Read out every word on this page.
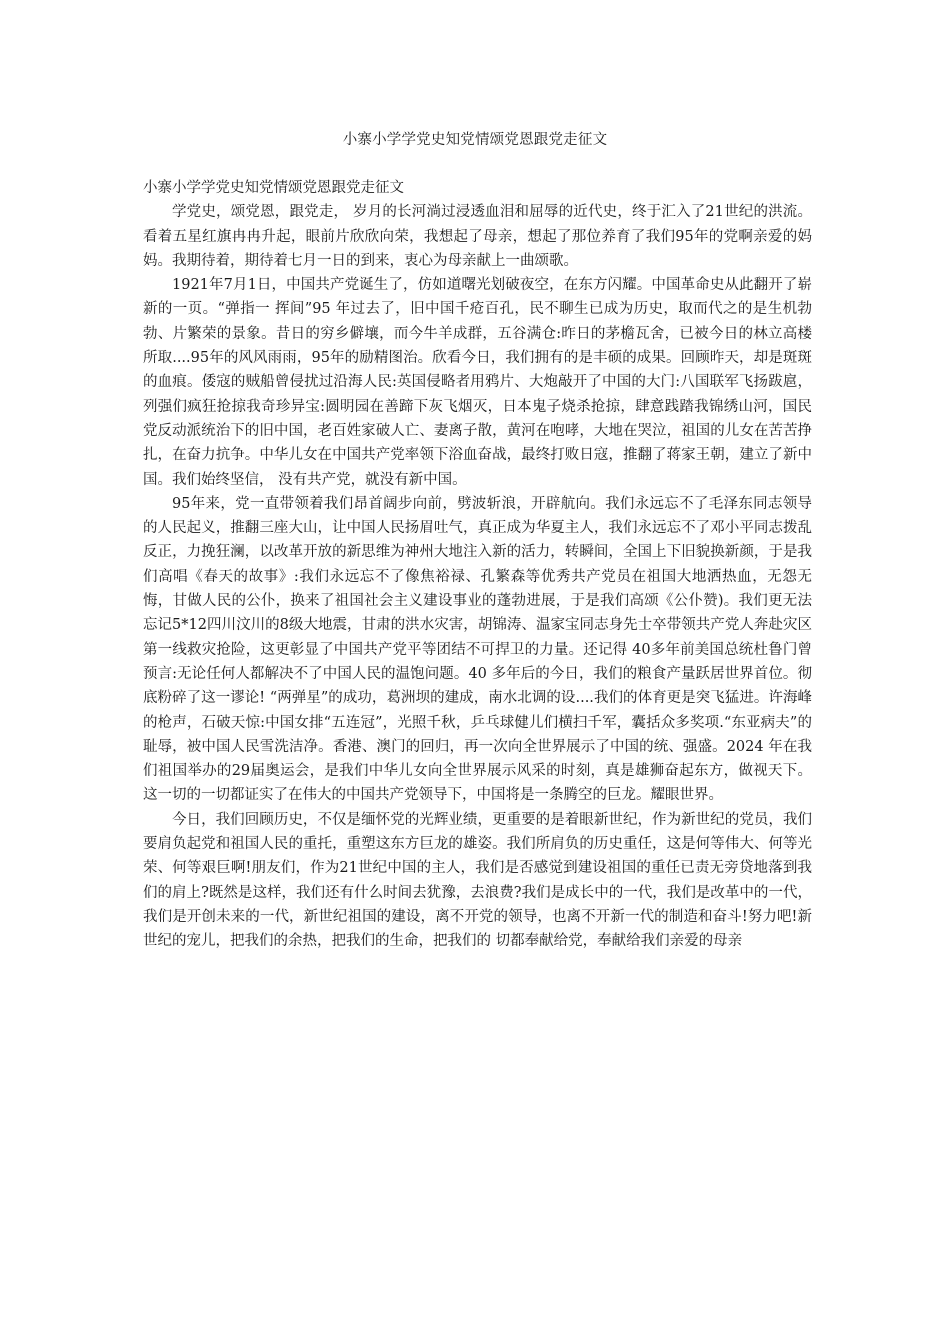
小寨小学学党史知党情颂党恩跟党走征文

小寨小学学党史知党情颂党恩跟党走征文

学党史，颂党恩，跟党走， 岁月的长河淌过浸透血泪和屈辱的近代史，终于汇入了21世纪的洪流。看着五星红旗冉冉升起，眼前片欣欣向荣，我想起了母亲，想起了那位养育了我们95年的党啊亲爱的妈妈。我期待着，期待着七月一日的到来，衷心为母亲献上一曲颂歌。

1921年7月1日，中国共产党诞生了，仿如道曙光划破夜空，在东方闪耀。中国革命史从此翻开了崭新的一页。“弹指一 挥间”95 年过去了，旧中国千疮百孔，民不聊生已成为历史，取而代之的是生机勃勃、片繁荣的景象。昔日的穷乡僻壤，而今牛羊成群，五谷满仓:昨日的茅檐瓦舍，已被今日的林立高楼所取....95年的风风雨雨，95年的励精图治。欣看今日，我们拥有的是丰硕的成果。回顾昨天，却是斑斑的血痕。倭寇的贼船曾侵扰过沿海人民:英国侵略者用鸦片、大炮敲开了中国的大门:八国联军飞扬跋扈，列强们疯狂抢掠我奇珍异宝:圆明园在善蹄下灰飞烟灭，日本鬼子烧杀抢掠，肆意践踏我锦绣山河，国民党反动派统治下的旧中国，老百姓家破人亡、妻离子散，黄河在咆哮，大地在哭泣，祖国的儿女在苦苦挣扎，在奋力抗争。中华儿女在中国共产党率领下浴血奋战，最终打败日寇，推翻了蒋家王朝，建立了新中国。我们始终坚信， 没有共产党，就没有新中国。

95年来，党一直带领着我们昂首阔步向前，劈波斩浪，开辟航向。我们永远忘不了毛泽东同志领导的人民起义，推翻三座大山，让中国人民扬眉吐气，真正成为华夏主人，我们永远忘不了邓小平同志拨乱反正，力挽狂澜，以改革开放的新思维为神州大地注入新的活力，转瞬间，全国上下旧貌换新颜，于是我们高唱《春天的故事》:我们永远忘不了像焦裕禄、孔繁森等优秀共产党员在祖国大地洒热血，无怨无悔，甘做人民的公仆，换来了祖国社会主义建设事业的蓬勃进展，于是我们高颂《公仆赞)。我们更无法忘记5*12四川汶川的8级大地震，甘肃的洪水灾害，胡锦涛、温家宝同志身先士卒带领共产党人奔赴灾区第一线救灾抢险，这更彰显了中国共产党平等团结不可捍卫的力量。还记得 40多年前美国总统杜鲁门曾预言:无论任何人都解决不了中国人民的温饱问题。40 多年后的今日，我们的粮食产量跃居世界首位。彻底粉碎了这一谬论! “两弹星”的成功，葛洲坝的建成，南水北调的设....我们的体育更是突飞猛进。许海峰的枪声，石破天惊:中国女排“五连冠”，光照千秋，乒乓球健儿们横扫千军，囊括众多奖项.“东亚病夫”的耻辱，被中国人民雪洗洁净。香港、澳门的回归，再一次向全世界展示了中国的统、强盛。2024 年在我们祖国举办的29届奥运会，是我们中华儿女向全世界展示风采的时刻，真是雄狮奋起东方，做视天下。这一切的一切都证实了在伟大的中国共产党领导下，中国将是一条腾空的巨龙。耀眼世界。

今日，我们回顾历史，不仅是缅怀党的光辉业绩，更重要的是着眼新世纪，作为新世纪的党员，我们要肩负起党和祖国人民的重托，重塑这东方巨龙的雄姿。我们所肩负的历史重任，这是何等伟大、何等光荣、何等艰巨啊!朋友们，作为21世纪中国的主人，我们是否感觉到建设祖国的重任已责无旁贷地落到我们的肩上?既然是这样，我们还有什么时间去犹豫，去浪费?我们是成长中的一代，我们是改革中的一代， 我们是开创未来的一代，新世纪祖国的建设，离不开党的领导，也离不开新一代的制造和奋斗!努力吧!新世纪的宠儿，把我们的余热，把我们的生命，把我们的 切都奉献给党，奉献给我们亲爱的母亲
